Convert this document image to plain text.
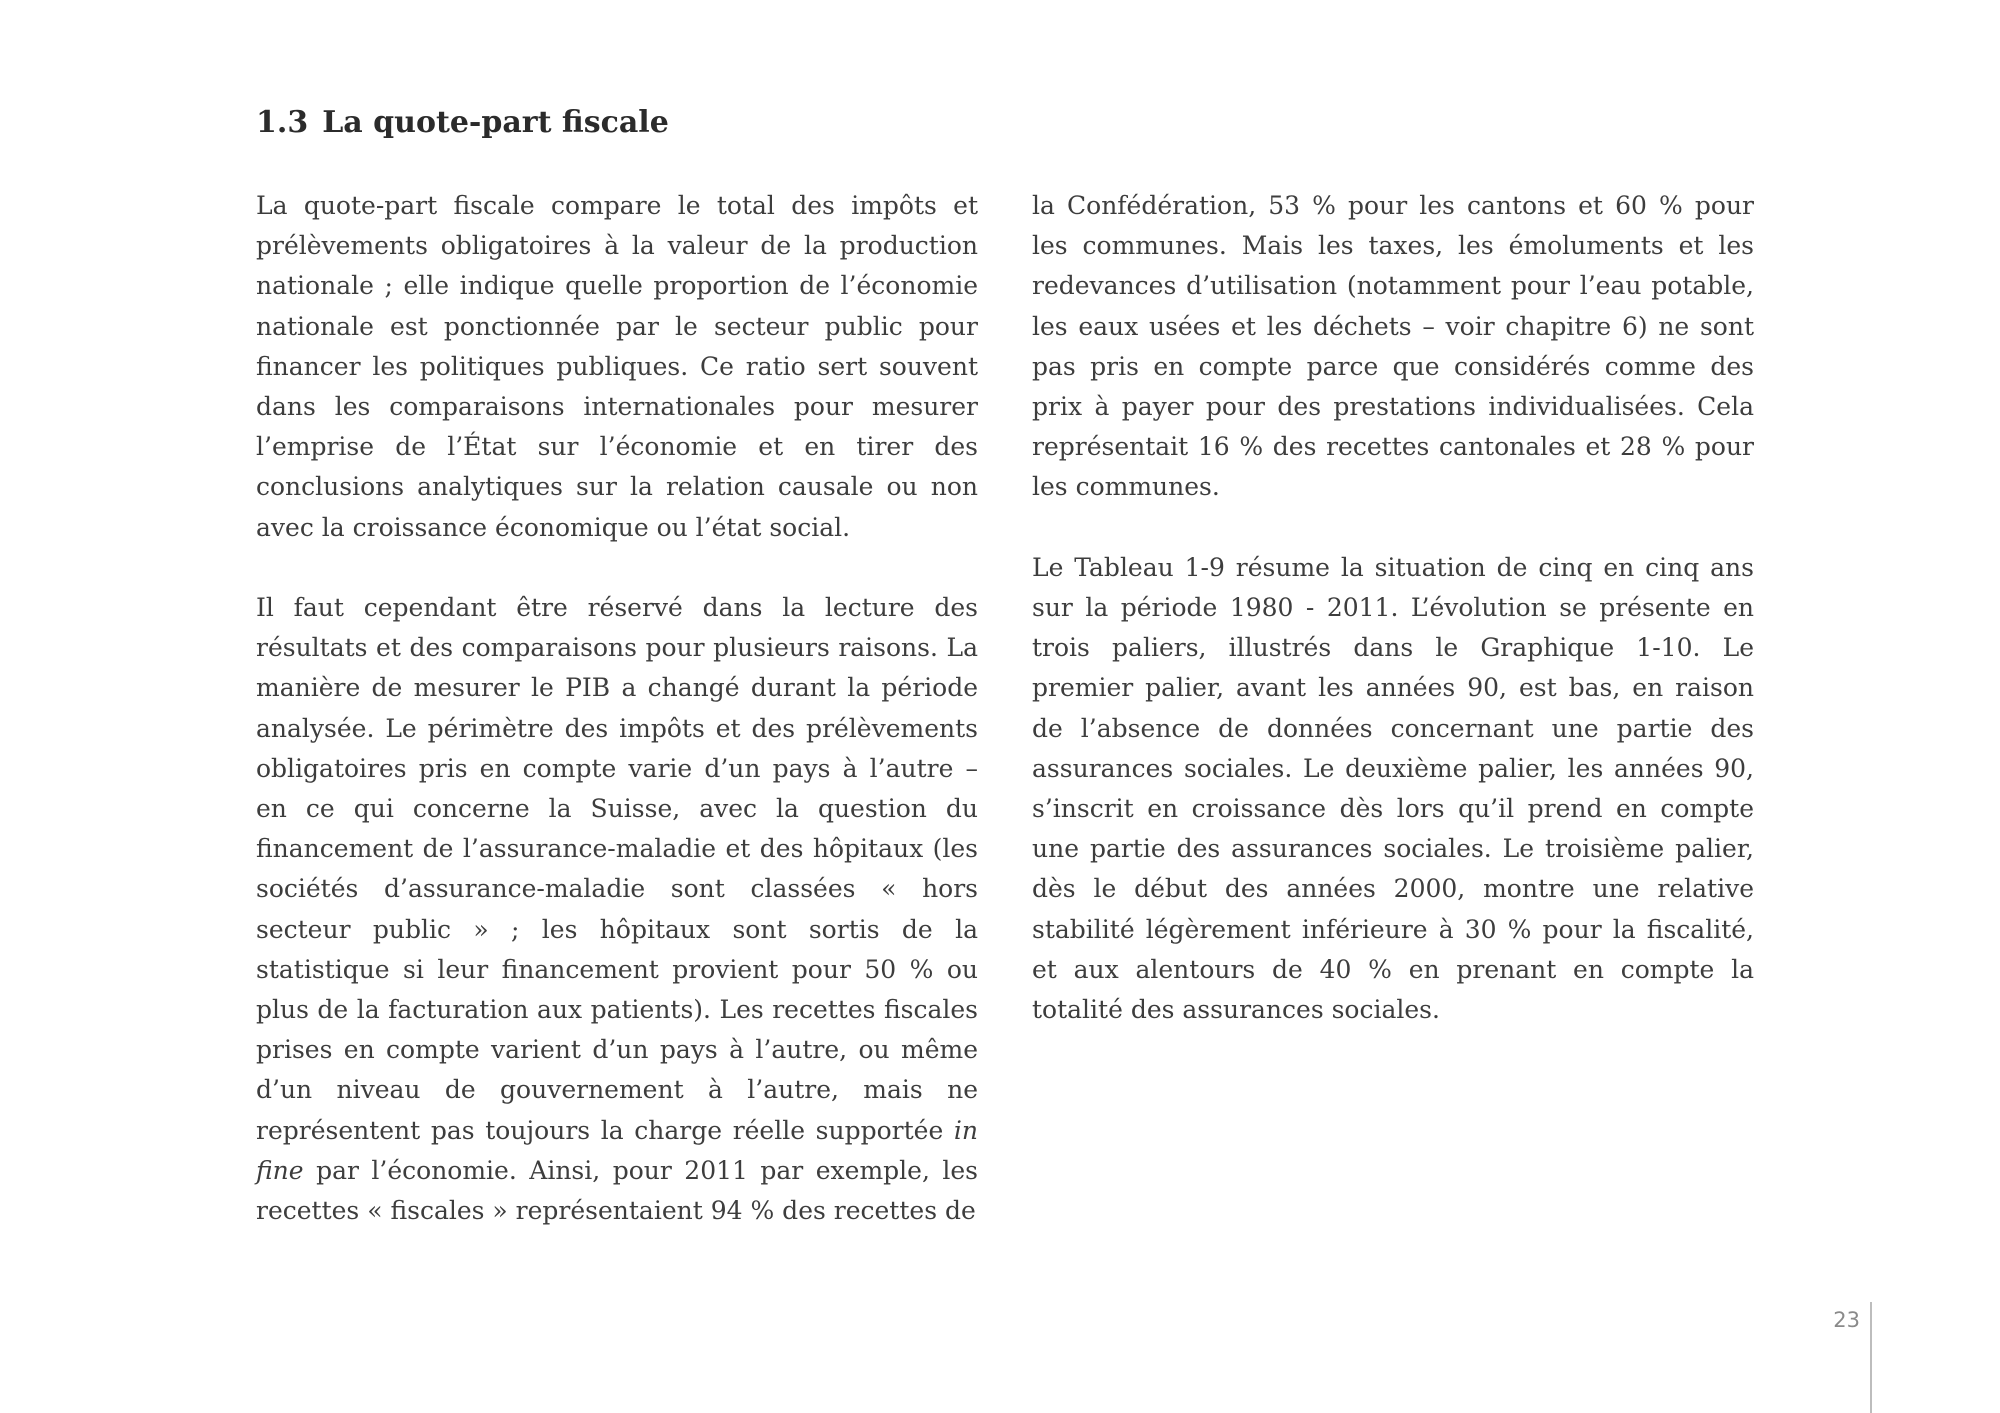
1.3 La quote-part fiscale

La quote-part fiscale compare le total des impôts et prélèvements obligatoires à la valeur de la production nationale ; elle indique quelle proportion de l’économie nationale est ponctionnée par le secteur public pour financer les politiques publiques. Ce ratio sert souvent dans les comparaisons internationales pour mesurer l’emprise de l’État sur l’économie et en tirer des conclusions analytiques sur la relation causale ou non avec la croissance économique ou l’état social.

Il faut cependant être réservé dans la lecture des résultats et des comparaisons pour plusieurs raisons. La manière de mesurer le PIB a changé durant la période analysée. Le périmètre des impôts et des prélèvements obligatoires pris en compte varie d’un pays à l’autre – en ce qui concerne la Suisse, avec la question du financement de l’assurance-maladie et des hôpitaux (les sociétés d’assurance-maladie sont classées « hors secteur public » ; les hôpitaux sont sortis de la statistique si leur financement provient pour 50 % ou plus de la facturation aux patients). Les recettes fiscales prises en compte varient d’un pays à l’autre, ou même d’un niveau de gouvernement à l’autre, mais ne représentent pas toujours la charge réelle supportée in fine par l’économie. Ainsi, pour 2011 par exemple, les recettes « fiscales » représentaient 94 % des recettes de

la Confédération, 53 % pour les cantons et 60 % pour les communes. Mais les taxes, les émoluments et les redevances d’utilisation (notamment pour l’eau potable, les eaux usées et les déchets – voir chapitre 6) ne sont pas pris en compte parce que considérés comme des prix à payer pour des prestations individualisées. Cela représentait 16 % des recettes cantonales et 28 % pour les communes.

Le Tableau 1-9 résume la situation de cinq en cinq ans sur la période 1980 - 2011. L’évolution se présente en trois paliers, illustrés dans le Graphique 1-10. Le premier palier, avant les années 90, est bas, en raison de l’absence de données concernant une partie des assurances sociales. Le deuxième palier, les années 90, s’inscrit en croissance dès lors qu’il prend en compte une partie des assurances sociales. Le troisième palier, dès le début des années 2000, montre une relative stabilité légèrement inférieure à 30 % pour la fiscalité, et aux alentours de 40 % en prenant en compte la totalité des assurances sociales.

23
